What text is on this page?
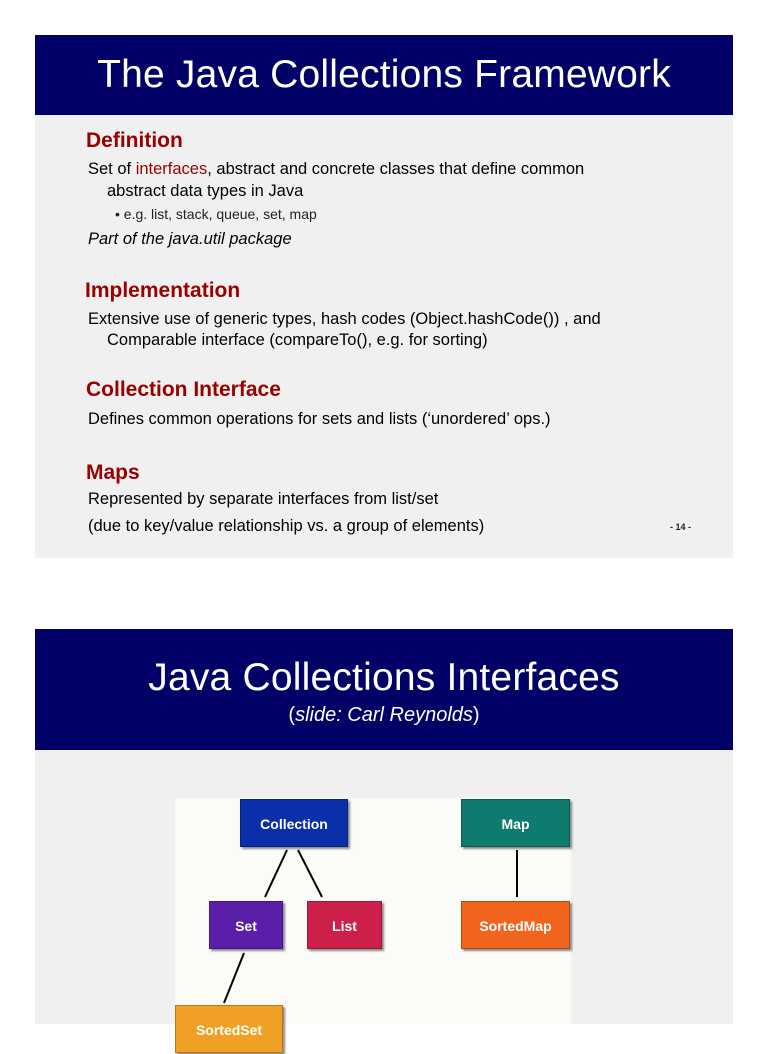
The Java Collections Framework
Definition
Set of interfaces, abstract and concrete classes that define common
abstract data types in Java
• e.g. list, stack, queue, set, map
Part of the java.util package
Implementation
Extensive use of generic types, hash codes (Object.hashCode()) , and
Comparable interface (compareTo(), e.g. for sorting)
Collection Interface
Defines common operations for sets and lists (‘unordered’ ops.)
Maps
Represented by separate interfaces from list/set
(due to key/value relationship vs. a group of elements)	- 14 -
Java Collections Interfaces
(slide: Carl Reynolds)
Collection	Map
Set	List	SortedMap
SortedSet
